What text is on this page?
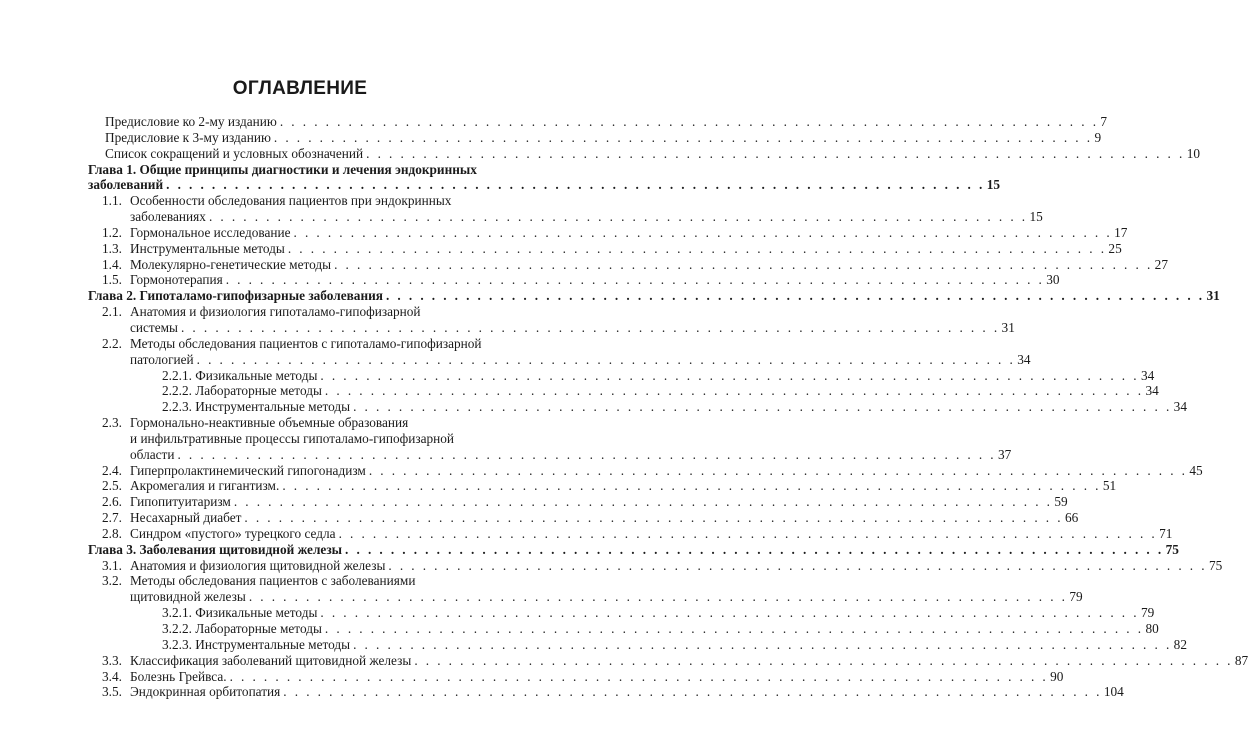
ОГЛАВЛЕНИЕ
Предисловие ко 2-му изданию . . . . . . . . . . . . . . . . . . . . . . . . . . . . . . . . . . . . . . . . . . . . . . . . . . . . . . . . . . . . . . . . . . . . . . . . 7
Предисловие к 3-му изданию . . . . . . . . . . . . . . . . . . . . . . . . . . . . . . . . . . . . . . . . . . . . . . . . . . . . . . . . . . . . . . . . . . . . . . . . 9
Список сокращений и условных обозначений . . . . . . . . . . . . . . . . . . . . . . . . . . . . . . . . . . . . . . . . . . . . . . . . . . . . . . . . . . . . . . . . . . . . . . . . 10
Глава 1. Общие принципы диагностики и лечения эндокринных
заболеваний . . . . . . . . . . . . . . . . . . . . . . . . . . . . . . . . . . . . . . . . . . . . . . . . . . . . . . . . . . . . . . . . . . . . . . . . 15
1.1. Особенности обследования пациентов при эндокринных
заболеваниях . . . . . . . . . . . . . . . . . . . . . . . . . . . . . . . . . . . . . . . . . . . . . . . . . . . . . . . . . . . . . . . . . . . . . . . . 15
1.2. Гормональное исследование . . . . . . . . . . . . . . . . . . . . . . . . . . . . . . . . . . . . . . . . . . . . . . . . . . . . . . . . . . . . . . . . . . . . . . . . 17
1.3. Инструментальные методы . . . . . . . . . . . . . . . . . . . . . . . . . . . . . . . . . . . . . . . . . . . . . . . . . . . . . . . . . . . . . . . . . . . . . . . . 25
1.4. Молекулярно-генетические методы . . . . . . . . . . . . . . . . . . . . . . . . . . . . . . . . . . . . . . . . . . . . . . . . . . . . . . . . . . . . . . . . . . . . . . . . 27
1.5. Гормонотерапия . . . . . . . . . . . . . . . . . . . . . . . . . . . . . . . . . . . . . . . . . . . . . . . . . . . . . . . . . . . . . . . . . . . . . . . . 30
Глава 2. Гипоталамо-гипофизарные заболевания . . . . . . . . . . . . . . . . . . . . . . . . . . . . . . . . . . . . . . . . . . . . . . . . . . . . . . . . . . . . . . . . . . . . . . . . 31
2.1. Анатомия и физиология гипоталамо-гипофизарной
системы . . . . . . . . . . . . . . . . . . . . . . . . . . . . . . . . . . . . . . . . . . . . . . . . . . . . . . . . . . . . . . . . . . . . . . . . 31
2.2. Методы обследования пациентов с гипоталамо-гипофизарной
патологией . . . . . . . . . . . . . . . . . . . . . . . . . . . . . . . . . . . . . . . . . . . . . . . . . . . . . . . . . . . . . . . . . . . . . . . . 34
2.2.1. Физикальные методы . . . . . . . . . . . . . . . . . . . . . . . . . . . . . . . . . . . . . . . . . . . . . . . . . . . . . . . . . . . . . . . . . . . . . . . . 34
2.2.2. Лабораторные методы . . . . . . . . . . . . . . . . . . . . . . . . . . . . . . . . . . . . . . . . . . . . . . . . . . . . . . . . . . . . . . . . . . . . . . . . 34
2.2.3. Инструментальные методы . . . . . . . . . . . . . . . . . . . . . . . . . . . . . . . . . . . . . . . . . . . . . . . . . . . . . . . . . . . . . . . . . . . . . . . . 34
2.3. Гормонально-неактивные объемные образования
и инфильтративные процессы гипоталамо-гипофизарной
области . . . . . . . . . . . . . . . . . . . . . . . . . . . . . . . . . . . . . . . . . . . . . . . . . . . . . . . . . . . . . . . . . . . . . . . . 37
2.4. Гиперпролактинемический гипогонадизм . . . . . . . . . . . . . . . . . . . . . . . . . . . . . . . . . . . . . . . . . . . . . . . . . . . . . . . . . . . . . . . . . . . . . . . . 45
2.5. Акромегалия и гигантизм. . . . . . . . . . . . . . . . . . . . . . . . . . . . . . . . . . . . . . . . . . . . . . . . . . . . . . . . . . . . . . . . . . . . . . . . . 51
2.6. Гипопитуитаризм . . . . . . . . . . . . . . . . . . . . . . . . . . . . . . . . . . . . . . . . . . . . . . . . . . . . . . . . . . . . . . . . . . . . . . . . 59
2.7. Несахарный диабет . . . . . . . . . . . . . . . . . . . . . . . . . . . . . . . . . . . . . . . . . . . . . . . . . . . . . . . . . . . . . . . . . . . . . . . . 66
2.8. Синдром «пустого» турецкого седла . . . . . . . . . . . . . . . . . . . . . . . . . . . . . . . . . . . . . . . . . . . . . . . . . . . . . . . . . . . . . . . . . . . . . . . . 71
Глава 3. Заболевания щитовидной железы . . . . . . . . . . . . . . . . . . . . . . . . . . . . . . . . . . . . . . . . . . . . . . . . . . . . . . . . . . . . . . . . . . . . . . . . 75
3.1. Анатомия и физиология щитовидной железы . . . . . . . . . . . . . . . . . . . . . . . . . . . . . . . . . . . . . . . . . . . . . . . . . . . . . . . . . . . . . . . . . . . . . . . . 75
3.2. Методы обследования пациентов с заболеваниями
щитовидной железы . . . . . . . . . . . . . . . . . . . . . . . . . . . . . . . . . . . . . . . . . . . . . . . . . . . . . . . . . . . . . . . . . . . . . . . . 79
3.2.1. Физикальные методы . . . . . . . . . . . . . . . . . . . . . . . . . . . . . . . . . . . . . . . . . . . . . . . . . . . . . . . . . . . . . . . . . . . . . . . . 79
3.2.2. Лабораторные методы . . . . . . . . . . . . . . . . . . . . . . . . . . . . . . . . . . . . . . . . . . . . . . . . . . . . . . . . . . . . . . . . . . . . . . . . 80
3.2.3. Инструментальные методы . . . . . . . . . . . . . . . . . . . . . . . . . . . . . . . . . . . . . . . . . . . . . . . . . . . . . . . . . . . . . . . . . . . . . . . . 82
3.3. Классификация заболеваний щитовидной железы . . . . . . . . . . . . . . . . . . . . . . . . . . . . . . . . . . . . . . . . . . . . . . . . . . . . . . . . . . . . . . . . . . . . . . . . 87
3.4. Болезнь Грейвса. . . . . . . . . . . . . . . . . . . . . . . . . . . . . . . . . . . . . . . . . . . . . . . . . . . . . . . . . . . . . . . . . . . . . . . . . 90
3.5. Эндокринная орбитопатия . . . . . . . . . . . . . . . . . . . . . . . . . . . . . . . . . . . . . . . . . . . . . . . . . . . . . . . . . . . . . . . . . . . . . . . . 104
